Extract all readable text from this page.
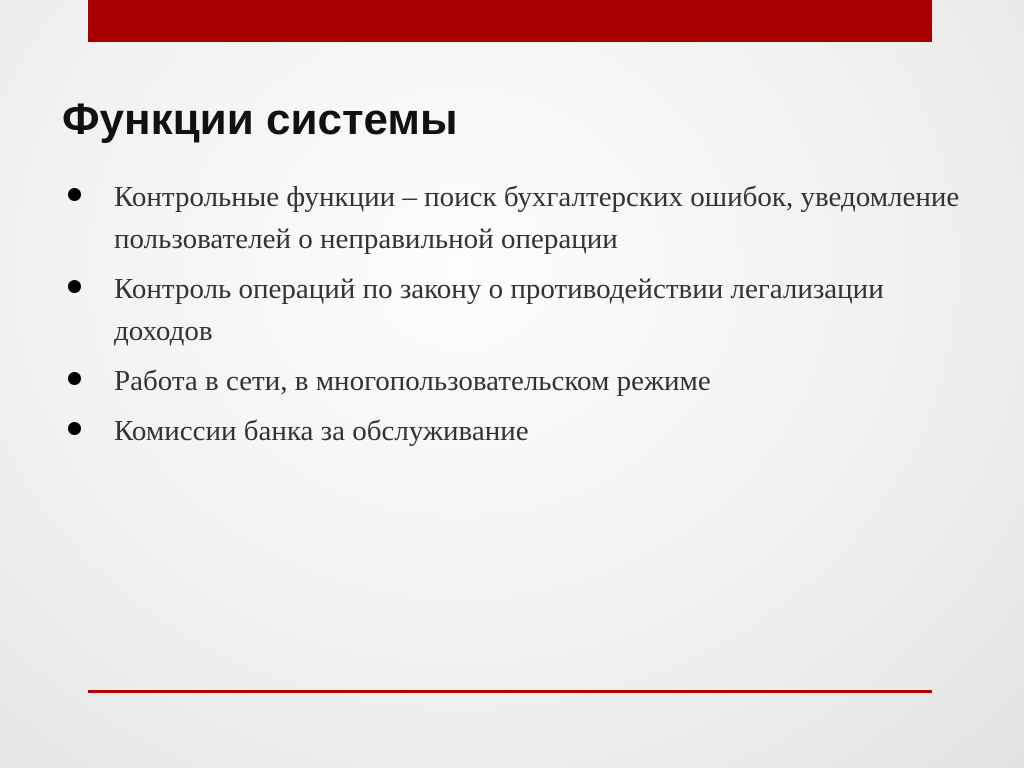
Функции системы
Контрольные функции – поиск бухгалтерских ошибок, уведомление пользователей о неправильной операции
Контроль операций по закону о противодействии легализации доходов
Работа в сети, в многопользовательском режиме
Комиссии банка за обслуживание
